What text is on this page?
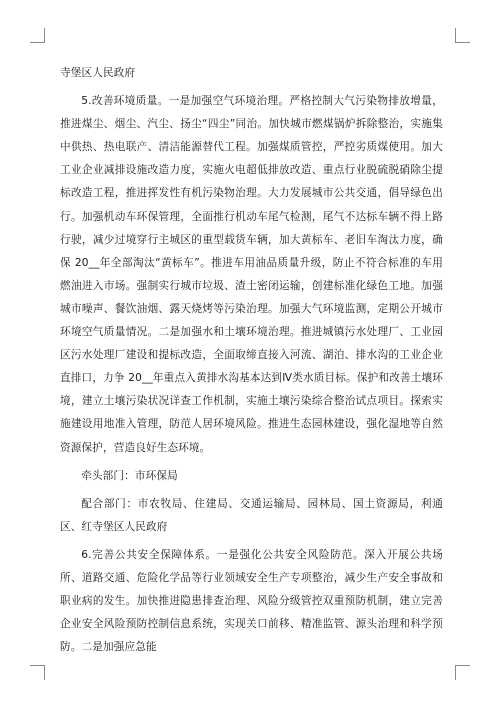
寺堡区人民政府

5.改善环境质量。一是加强空气环境治理。严格控制大气污染物排放增量，推进煤尘、烟尘、汽尘、扬尘“四尘”同治。加快城市燃煤锅炉拆除整治，实施集中供热、热电联产、清洁能源替代工程。加强煤质管控，严控劣质煤使用。加大工业企业减排设施改造力度，实施火电超低排放改造、重点行业脱硫脱硝除尘提标改造工程，推进挥发性有机污染物治理。大力发展城市公共交通，倡导绿色出行。加强机动车环保管理，全面推行机动车尾气检测，尾气不达标车辆不得上路行驶，减少过境穿行主城区的重型载货车辆，加大黄标车、老旧车淘汰力度，确保 20__年全部淘汰“黄标车”。推进车用油品质量升级，防止不符合标准的车用燃油进入市场。强制实行城市垃圾、渣土密闭运输，创建标准化绿色工地。加强城市噪声、餐饮油烟、露天烧烤等污染治理。加强大气环境监测，定期公开城市环境空气质量情况。二是加强水和土壤环境治理。推进城镇污水处理厂、工业园区污水处理厂建设和提标改造，全面取缔直接入河流、湖泊、排水沟的工业企业直排口，力争 20__年重点入黄排水沟基本达到Ⅳ类水质目标。保护和改善土壤环境，建立土壤污染状况详查工作机制，实施土壤污染综合整治试点项目。探索实施建设用地准入管理，防范人居环境风险。推进生态园林建设，强化湿地等自然资源保护，营造良好生态环境。

牵头部门：市环保局

配合部门：市农牧局、住建局、交通运输局、园林局、国土资源局，利通区、红寺堡区人民政府

6.完善公共安全保障体系。一是强化公共安全风险防范。深入开展公共场所、道路交通、危险化学品等行业领域安全生产专项整治，减少生产安全事故和职业病的发生。加快推进隐患排查治理、风险分级管控双重预防机制，建立完善企业安全风险预防控制信息系统，实现关口前移、精准监管、源头治理和科学预防。二是加强应急能
